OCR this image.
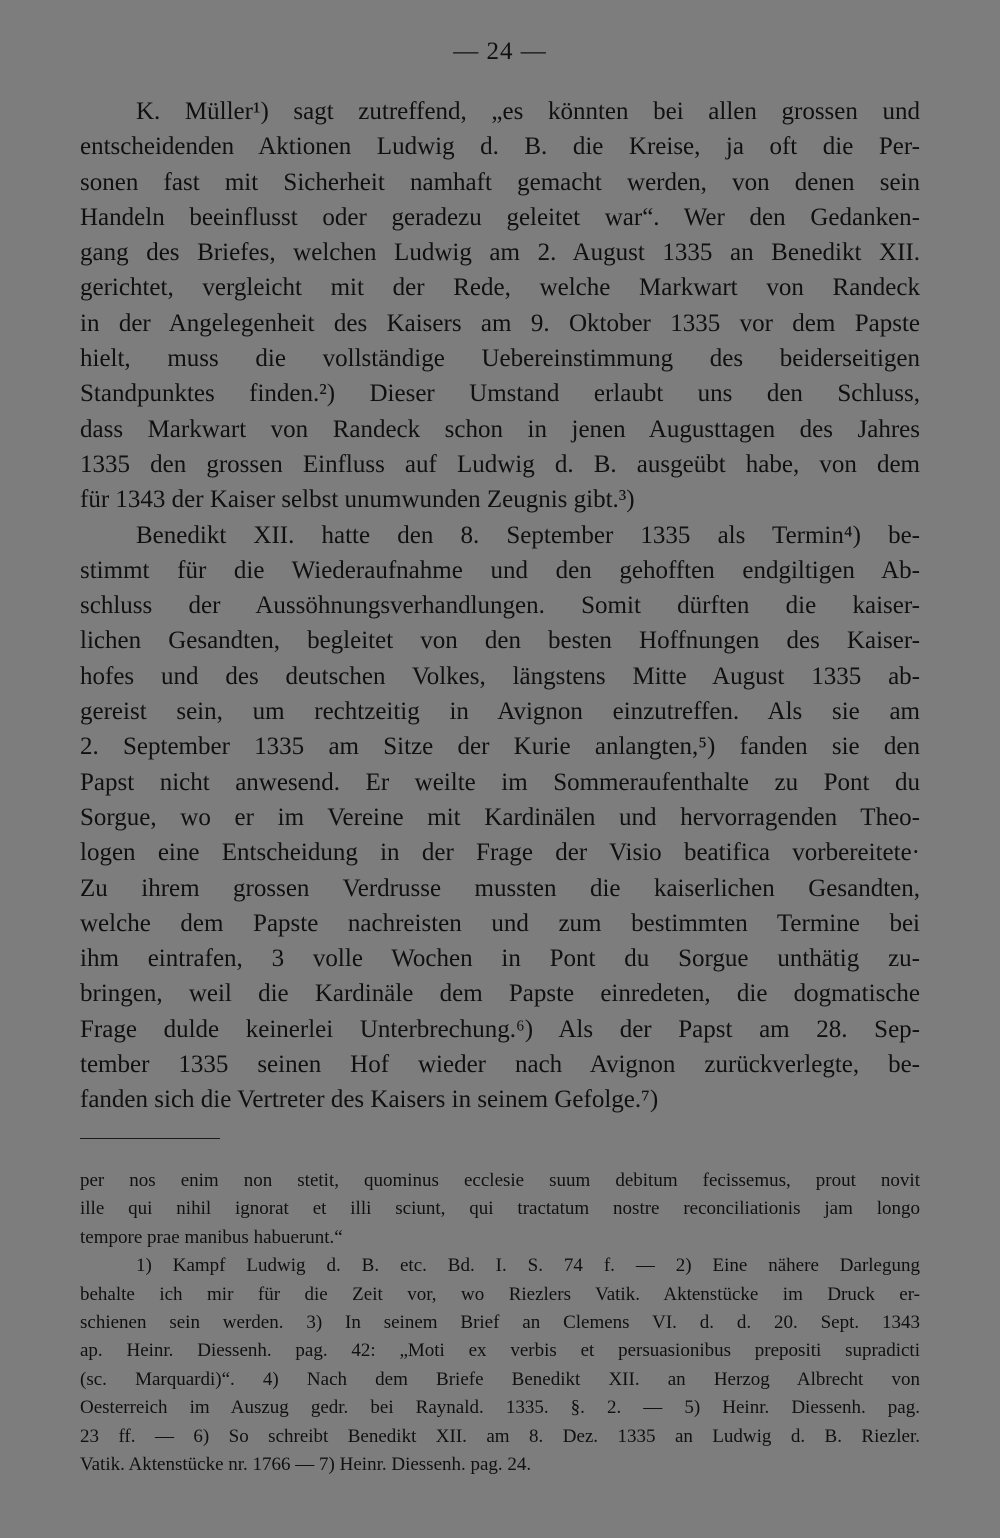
— 24 —
K. Müller¹) sagt zutreffend, „es könnten bei allen grossen und
entscheidenden Aktionen Ludwig d. B. die Kreise, ja oft die Per-
sonen fast mit Sicherheit namhaft gemacht werden, von denen sein
Handeln beeinflusst oder geradezu geleitet war“. Wer den Gedanken-
gang des Briefes, welchen Ludwig am 2. August 1335 an Benedikt XII.
gerichtet, vergleicht mit der Rede, welche Markwart von Randeck
in der Angelegenheit des Kaisers am 9. Oktober 1335 vor dem Papste
hielt, muss die vollständige Uebereinstimmung des beiderseitigen
Standpunktes finden.²) Dieser Umstand erlaubt uns den Schluss,
dass Markwart von Randeck schon in jenen Augusttagen des Jahres
1335 den grossen Einfluss auf Ludwig d. B. ausgeübt habe, von dem
für 1343 der Kaiser selbst unumwunden Zeugnis gibt.³)
Benedikt XII. hatte den 8. September 1335 als Termin⁴) be-
stimmt für die Wiederaufnahme und den gehofften endgiltigen Ab-
schluss der Aussöhnungsverhandlungen. Somit dürften die kaiser-
lichen Gesandten, begleitet von den besten Hoffnungen des Kaiser-
hofes und des deutschen Volkes, längstens Mitte August 1335 ab-
gereist sein, um rechtzeitig in Avignon einzutreffen. Als sie am
2. September 1335 am Sitze der Kurie anlangten,⁵) fanden sie den
Papst nicht anwesend. Er weilte im Sommeraufenthalte zu Pont du
Sorgue, wo er im Vereine mit Kardinälen und hervorragenden Theo-
logen eine Entscheidung in der Frage der Visio beatifica vorbereitete·
Zu ihrem grossen Verdrusse mussten die kaiserlichen Gesandten,
welche dem Papste nachreisten und zum bestimmten Termine bei
ihm eintrafen, 3 volle Wochen in Pont du Sorgue unthätig zu-
bringen, weil die Kardinäle dem Papste einredeten, die dogmatische
Frage dulde keinerlei Unterbrechung.⁶) Als der Papst am 28. Sep-
tember 1335 seinen Hof wieder nach Avignon zurückverlegte, be-
fanden sich die Vertreter des Kaisers in seinem Gefolge.⁷)
per nos enim non stetit, quominus ecclesie suum debitum fecissemus, prout novit
ille qui nihil ignorat et illi sciunt, qui tractatum nostre reconciliationis jam longo
tempore prae manibus habuerunt.“
1) Kampf Ludwig d. B. etc. Bd. I. S. 74 f. — 2) Eine nähere Darlegung
behalte ich mir für die Zeit vor, wo Riezlers Vatik. Aktenstücke im Druck er-
schienen sein werden. 3) In seinem Brief an Clemens VI. d. d. 20. Sept. 1343
ap. Heinr. Diessenh. pag. 42: „Moti ex verbis et persuasionibus prepositi supradicti
(sc. Marquardi)“. 4) Nach dem Briefe Benedikt XII. an Herzog Albrecht von
Oesterreich im Auszug gedr. bei Raynald. 1335. §. 2. — 5) Heinr. Diessenh. pag.
23 ff. — 6) So schreibt Benedikt XII. am 8. Dez. 1335 an Ludwig d. B. Riezler.
Vatik. Aktenstücke nr. 1766 — 7) Heinr. Diessenh. pag. 24.
